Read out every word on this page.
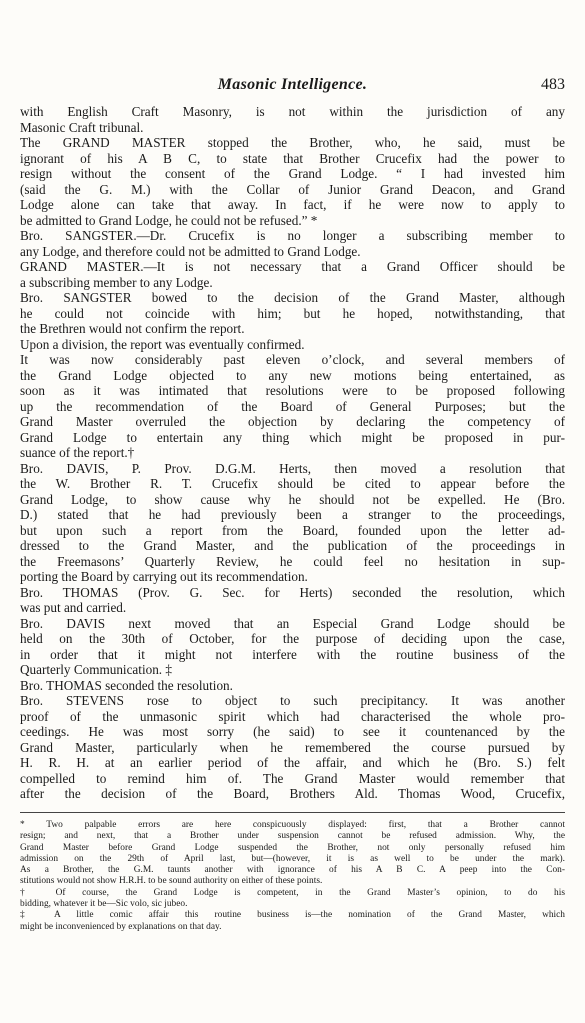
Masonic Intelligence.	483
with English Craft Masonry, is not within the jurisdiction of any
Masonic Craft tribunal.
The GRAND MASTER stopped the Brother, who, he said, must be
ignorant of his A B C, to state that Brother Crucefix had the power to
resign without the consent of the Grand Lodge. “ I had invested him
(said the G. M.) with the Collar of Junior Grand Deacon, and Grand
Lodge alone can take that away. In fact, if he were now to apply to
be admitted to Grand Lodge, he could not be refused.” *
Bro. SANGSTER.—Dr. Crucefix is no longer a subscribing member to
any Lodge, and therefore could not be admitted to Grand Lodge.
GRAND MASTER.—It is not necessary that a Grand Officer should be
a subscribing member to any Lodge.
Bro. SANGSTER bowed to the decision of the Grand Master, although
he could not coincide with him; but he hoped, notwithstanding, that
the Brethren would not confirm the report.
Upon a division, the report was eventually confirmed.
It was now considerably past eleven o’clock, and several members of
the Grand Lodge objected to any new motions being entertained, as
soon as it was intimated that resolutions were to be proposed following
up the recommendation of the Board of General Purposes; but the
Grand Master overruled the objection by declaring the competency of
Grand Lodge to entertain any thing which might be proposed in pur-
suance of the report.†
Bro. DAVIS, P. Prov. D.G.M. Herts, then moved a resolution that
the W. Brother R. T. Crucefix should be cited to appear before the
Grand Lodge, to show cause why he should not be expelled. He (Bro.
D.) stated that he had previously been a stranger to the proceedings,
but upon such a report from the Board, founded upon the letter ad-
dressed to the Grand Master, and the publication of the proceedings in
the Freemasons’ Quarterly Review, he could feel no hesitation in sup-
porting the Board by carrying out its recommendation.
Bro. THOMAS (Prov. G. Sec. for Herts) seconded the resolution, which
was put and carried.
Bro. DAVIS next moved that an Especial Grand Lodge should be
held on the 30th of October, for the purpose of deciding upon the case,
in order that it might not interfere with the routine business of the
Quarterly Communication. ‡
Bro. THOMAS seconded the resolution.
Bro. STEVENS rose to object to such precipitancy. It was another
proof of the unmasonic spirit which had characterised the whole pro-
ceedings. He was most sorry (he said) to see it countenanced by the
Grand Master, particularly when he remembered the course pursued by
H. R. H. at an earlier period of the affair, and which he (Bro. S.) felt
compelled to remind him of. The Grand Master would remember that
after the decision of the Board, Brothers Ald. Thomas Wood, Crucefix,
* Two palpable errors are here conspicuously displayed: first, that a Brother cannot
resign; and next, that a Brother under suspension cannot be refused admission. Why, the
Grand Master before Grand Lodge suspended the Brother, not only personally refused him
admission on the 29th of April last, but—(however, it is as well to be under the mark).
As a Brother, the G.M. taunts another with ignorance of his A B C. A peep into the Con-
stitutions would not show H.R.H. to be sound authority on either of these points.
† Of course, the Grand Lodge is competent, in the Grand Master’s opinion, to do his
bidding, whatever it be—Sic volo, sic jubeo.
‡ A little comic affair this routine business is—the nomination of the Grand Master, which
might be inconvenienced by explanations on that day.
